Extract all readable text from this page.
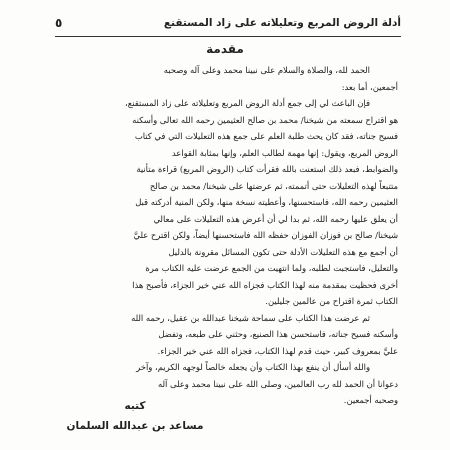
أدلة الروض المربع وتعليلاته على زاد المستقنع
٥
مقدمة
الحمد لله، والصلاة والسلام على نبينا محمد وعلى آله وصحبه
أجمعين، أما بعد:
فإن الباعث لي إلى جمع أدلة الروض المربع وتعليلاته على زاد المستقنع،
هو اقتراح سمعته من شيخنا/ محمد بن صالح العثيمين رحمه الله تعالى وأسكنه
فسيح جناته، فقد كان يحث طلبة العلم على جمع هذه التعليلات التي في كتاب
الروض المربع، ويقول: إنها مهمة لطالب العلم، وإنها بمثابة القواعد
والضوابط، فبعد ذلك استعنت بالله فقرأت كتاب (الروض المربع) قراءة متأنية
متتبعاً لهذه التعليلات حتى أتممته، ثم عرضتها على شيخنا/ محمد بن صالح
العثيمين رحمه الله، فاستحسنها، وأعطيته نسخة منها، ولكن المنية أدركته قبل
أن يعلق عليها رحمه الله، ثم بدا لي أن أعرض هذه التعليلات على معالي
شيخنا/ صالح بن فوزان الفوزان حفظه الله فاستحسنها أيضاً، ولكن اقترح عليَّ
أن أجمع مع هذه التعليلات الأدلة حتى تكون المسائل مقرونة بالدليل
والتعليل، فاستجبت لطلبه، ولما انتهيت من الجمع عرضت عليه الكتاب مرة
أخرى فحظيت بمقدمة منه لهذا الكتاب فجزاه الله عني خير الجزاء، فأصبح هذا
الكتاب ثمرة اقتراح من عالمين جليلين.
ثم عرضت هذا الكتاب على سماحة شيخنا عبدالله بن عقيل، رحمه الله
وأسكنه فسيح جناته، فاستحسن هذا الصنيع، وحثني على طبعه، وتفضل
عليَّ بمعروف كبير، حيث قدم لهذا الكتاب، فجزاه الله عني خير الجزاء.
والله أسأل أن ينفع بهذا الكتاب وأن يجعله خالصاً لوجهه الكريم، وآخر
دعوانا أن الحمد لله رب العالمين، وصلى الله على نبينا محمد وعلى آله
وصحبه أجمعين.
كتبه
مساعد بن عبدالله السلمان
